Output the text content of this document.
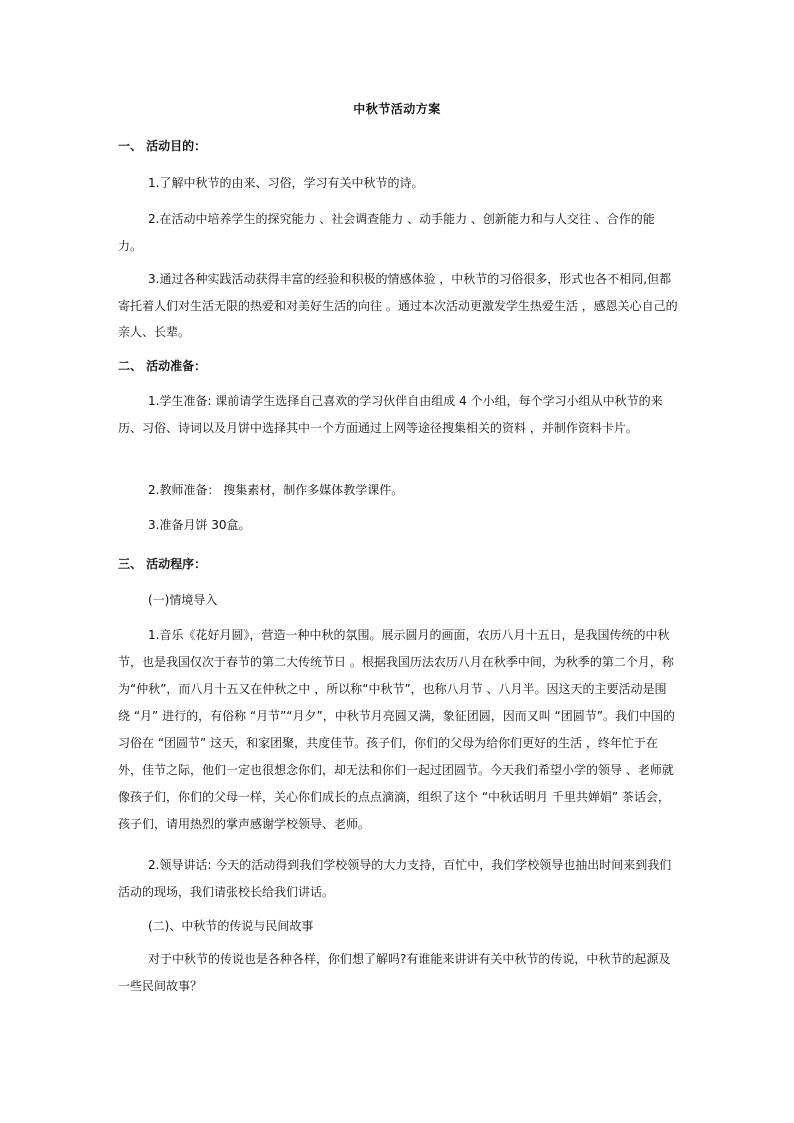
中秋节活动方案
一、 活动目的：
1.了解中秋节的由来、习俗，学习有关中秋节的诗。
2.在活动中培养学生的探究能力 、社会调查能力 、动手能力 、创新能力和与人交往 、合作的能力。
3.通过各种实践活动获得丰富的经验和积极的情感体验 ，中秋节的习俗很多，形式也各不相同,但都寄托着人们对生活无限的热爱和对美好生活的向往 。通过本次活动更激发学生热爱生活 ，感恩关心自己的亲人、长辈。
二、 活动准备：
1.学生准备: 课前请学生选择自己喜欢的学习伙伴自由组成 4 个小组，每个学习小组从中秋节的来历、习俗、诗词以及月饼中选择其中一个方面通过上网等途径搜集相关的资料 ，并制作资料卡片。
2.教师准备： 搜集素材，制作多媒体教学课件。
3.准备月饼 30盒。
三、 活动程序：
(一)情境导入
1.音乐《花好月圆》，营造一种中秋的氛围。展示圆月的画面，农历八月十五日，是我国传统的中秋节，也是我国仅次于春节的第二大传统节日 。根据我国历法农历八月在秋季中间，为秋季的第二个月，称为“仲秋”，而八月十五又在仲秋之中 ，所以称“中秋节”，也称八月节 、八月半。因这天的主要活动是围绕 “月” 进行的，有俗称 “月节”“月夕”，中秋节月亮圆又满，象征团圆，因而又叫 “团圆节”。我们中国的习俗在 “团圆节” 这天，和家团聚，共度佳节。孩子们，你们的父母为给你们更好的生活 ，终年忙于在外，佳节之际，他们一定也很想念你们，却无法和你们一起过团圆节。今天我们希望小学的领导 、老师就像孩子们，你们的父母一样，关心你们成长的点点滴滴，组织了这个 “中秋话明月 千里共婵娟” 茶话会，孩子们，请用热烈的掌声感谢学校领导、老师。
2.领导讲话: 今天的活动得到我们学校领导的大力支持，百忙中，我们学校领导也抽出时间来到我们活动的现场，我们请张校长给我们讲话。
(二)、中秋节的传说与民间故事
对于中秋节的传说也是各种各样，你们想了解吗?有谁能来讲讲有关中秋节的传说，中秋节的起源及一些民间故事？
